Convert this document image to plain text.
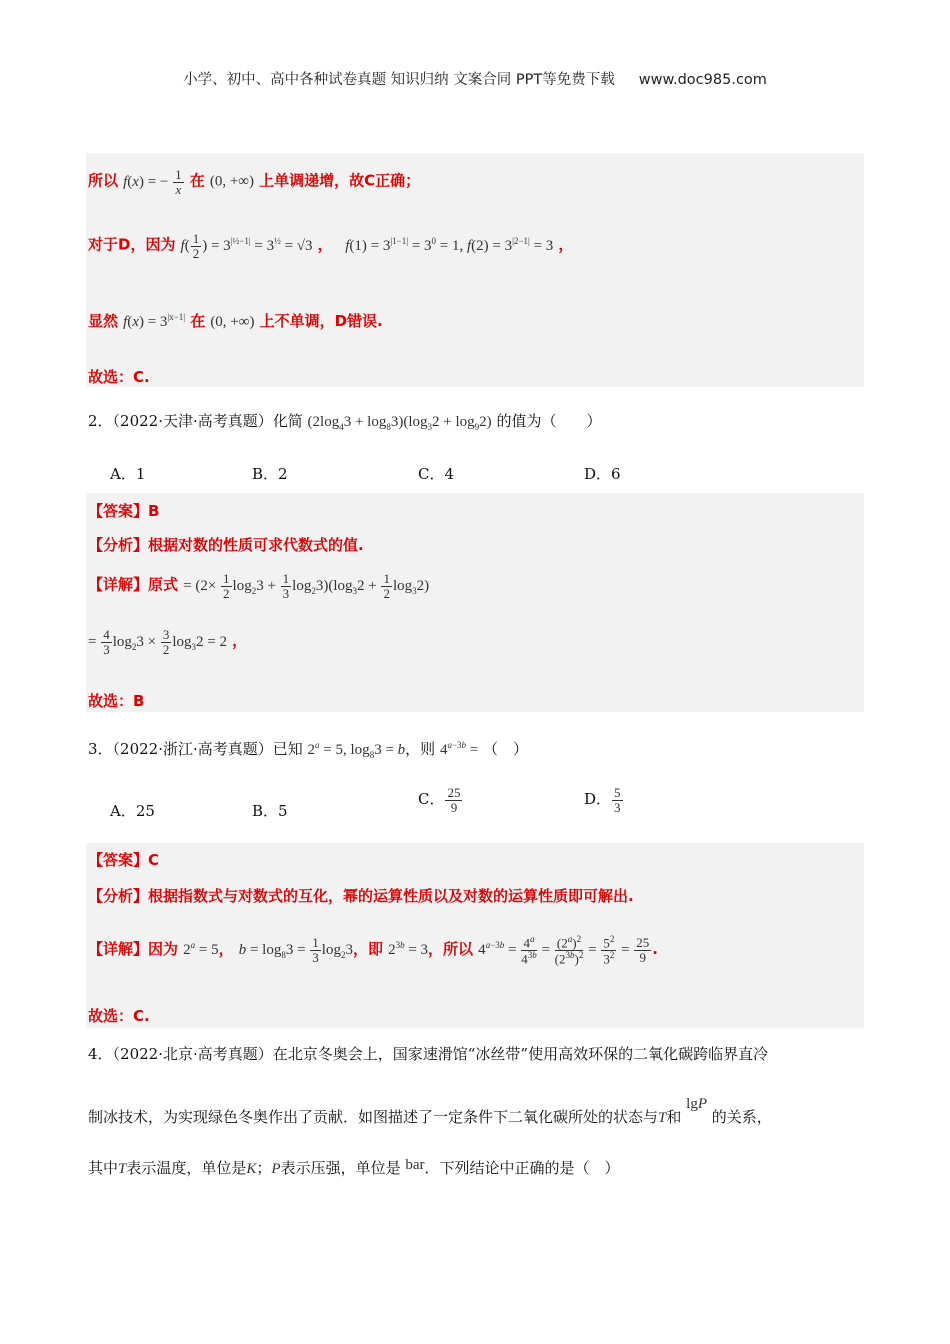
小学、初中、高中各种试卷真题 知识归纳 文案合同 PPT等免费下载 www.doc985.com
所以 f(x) = − $\frac{1}{x}$ 在 (0, +∞) 上单调递增，故C正确；
对于D，因为 $f( \frac{1}{2}$ ) = $3^{|\frac{1}{2}-1|} = 3^{\frac{1}{2}} = √3$ ， $f(1) = 3^{|1-1|} = 3^0 = 1$, $f(2) = 3^{|2-1|} = 3$ ，
显然 $f(x) = 3^{|x-1|}$ 在 (0, +∞) 上不单调，D错误.
故选：C.
2．（2022·天津·高考真题）化简 $(2\log_43 + \log_83)(\log_32 + \log_92)$ 的值为（　　）
A．1	B．2	C．4	D．6
【答案】B
【分析】根据对数的性质可求代数式的值.
【详解】原式 = $(2\times \frac{1}{2} \log_23 + \frac{1}{3} \log_23)(\log_32 + \frac{1}{2} \log_32)$
= $\frac{4}{3} \log_23 \times \frac{3}{2} \log_32 = 2$ ，
故选：B
3．（2022·浙江·高考真题）已知 $2^a = 5$, $\log_83 = b$，则 $4^{a-3b}$ = （　）
A．25	B．5
C． $\frac{25}{9}$	D． $\frac{5}{3}$
【答案】C
【分析】根据指数式与对数式的互化，幂的运算性质以及对数的运算性质即可解出.
【详解】因为 $2^a = 5$， $b = \log_83 = \frac{1}{3} \log_23$，即 $2^{3b} = 3$，所以 $4^{a-3b} = \frac{4^a}{4^{3b}} = \frac{(2^a)^2}{(2^{3b})^2} = \frac{5^2}{3^2} = \frac{25}{9}$ .
故选：C.
4．（2022·北京·高考真题）在北京冬奥会上，国家速滑馆“冰丝带”使用高效环保的二氧化碳跨临界直冷
制冰技术，为实现绿色冬奥作出了贡献．如图描述了一定条件下二氧化碳所处的状态与T和 lgP 的关系，
其中T表示温度，单位是K；P表示压强，单位是 bar．下列结论中正确的是（　）
